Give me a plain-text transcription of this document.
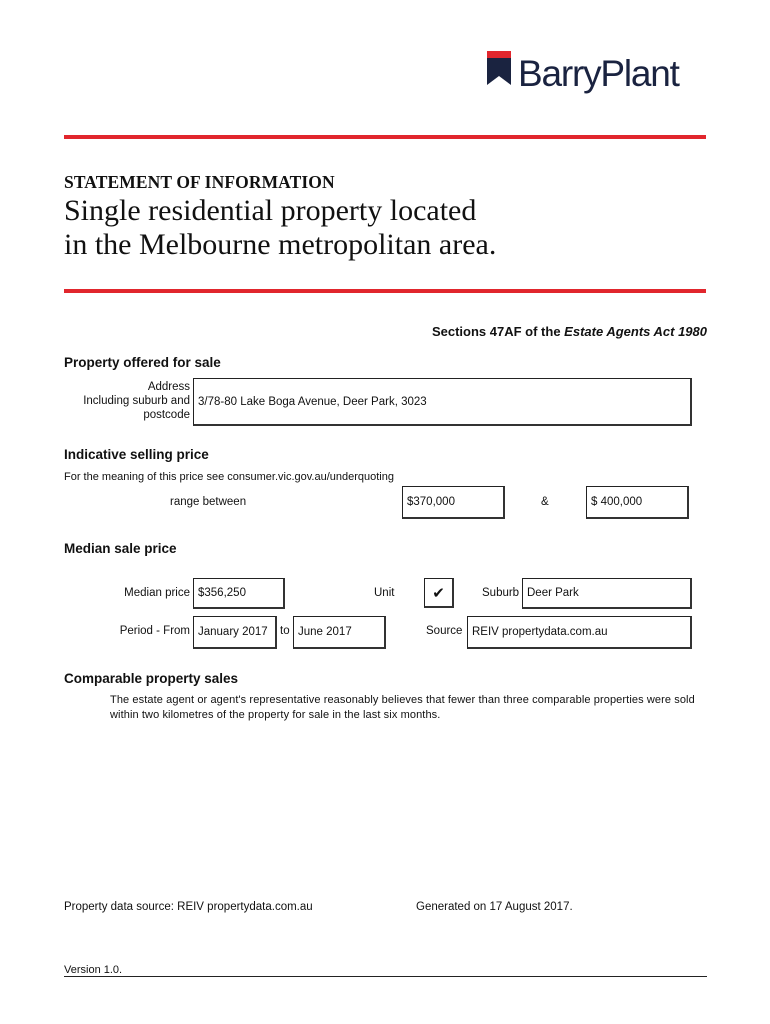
BarryPlant
STATEMENT OF INFORMATION
Single residential property located
in the Melbourne metropolitan area.
Sections 47AF of the Estate Agents Act 1980
Property offered for sale
Address
Including suburb and
postcode
3/78-80 Lake Boga Avenue, Deer Park, 3023
Indicative selling price
For the meaning of this price see consumer.vic.gov.au/underquoting
range between	$370,000	&	$ 400,000
Median sale price
Median price $356,250	Unit	✔	Suburb Deer Park
Period - From January 2017 to June 2017	Source REIV propertydata.com.au
Comparable property sales
The estate agent or agent's representative reasonably believes that fewer than three comparable properties were sold within two kilometres of the property for sale in the last six months.
Property data source: REIV propertydata.com.au	Generated on 17 August 2017.
Version 1.0.
